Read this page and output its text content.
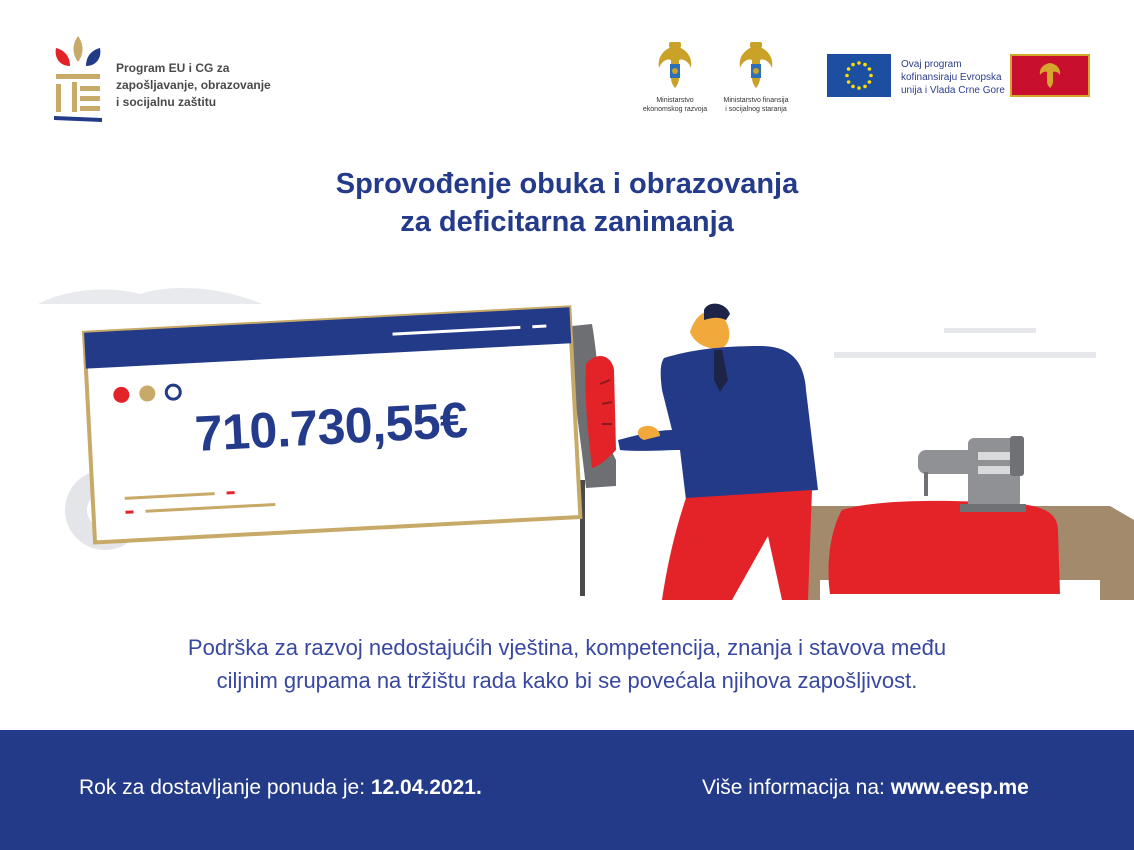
Program EU i CG za
zapošljavanje, obrazovanje
i socijalnu zaštitu	Ministarstvo
ekonomskog razvoja
Ministarstvo finansija
i socijalnog staranja
Ovaj program
kofinansiraju Evropska
unija i Vlada Crne Gore
Sprovođenje obuka i obrazovanja
za deficitarna zanimanja
710.730,55€
Podrška za razvoj nedostajućih vještina, kompetencija, znanja i stavova među
ciljnim grupama na tržištu rada kako bi se povećala njihova zapošljivost.
Rok za dostavljanje ponuda je: 12.04.2021.	Više informacija na: www.eesp.me
